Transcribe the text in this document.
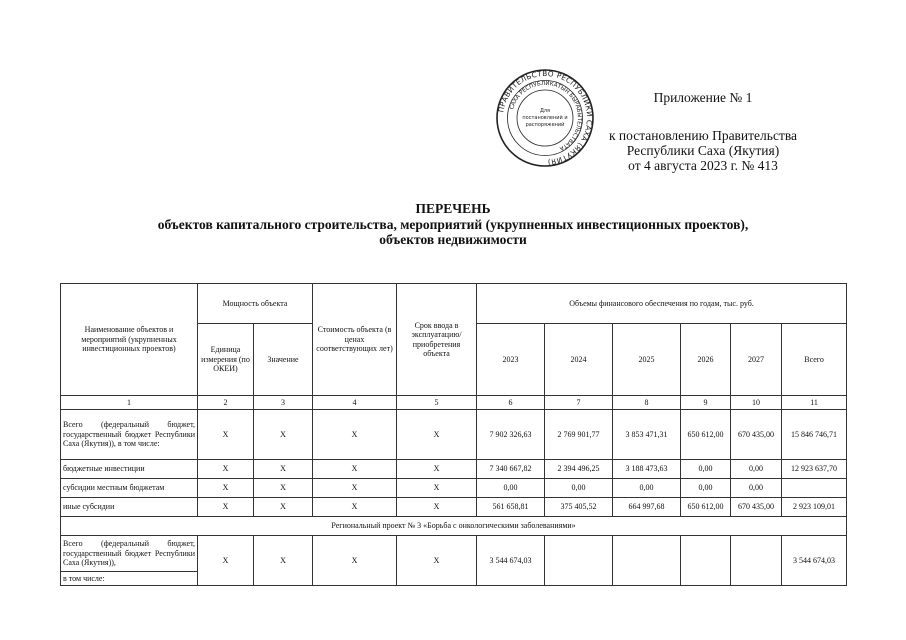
ПРАВИТЕЛЬСТВО РЕСПУБЛИКИ САХА (ЯКУТИЯ)
САХА РЕСПУБЛИКАТЫН БЫРАБЫТЕЛЬСТВАТА
Для
постановлений и
распоряжений
Приложение № 1
к постановлению Правительства
Республики Саха (Якутия)
от 4 августа 2023 г. № 413
ПЕРЕЧЕНЬ
объектов капитального строительства, мероприятий (укрупненных инвестиционных проектов),
объектов недвижимости
Наименование объектов и мероприятий (укрупненных инвестиционных проектов)	Мощность объекта		Стоимость объекта (в ценах соответствующих лет)	Срок ввода в эксплуатацию/ приобретения объекта	Объемы финансового обеспечения по годам, тыс. руб.					
	Единица измерения (по ОКЕИ)	Значение			2023	2024	2025	2026	2027	Всего
1	2	3	4	5	6	7	8	9	10	11
Всего (федеральный бюджет, государственный бюджет Республики Саха (Якутия)), в том числе:	Х	Х	Х	Х	7 902 326,63	2 769 901,77	3 853 471,31	650 612,00	670 435,00	15 846 746,71
бюджетные инвестиции	Х	Х	Х	Х	7 340 667,82	2 394 496,25	3 188 473,63	0,00	0,00	12 923 637,70
субсидии местным бюджетам	Х	Х	Х	Х	0,00	0,00	0,00	0,00	0,00	
иные субсидии	Х	Х	Х	Х	561 658,81	375 405,52	664 997,68	650 612,00	670 435,00	2 923 109,01
Региональный проект № 3 «Борьба с онкологическими заболеваниями»										
Всего (федеральный бюджет, государственный бюджет Республики Саха (Якутия)),	Х	Х	Х	Х	3 544 674,03					3 544 674,03
в том числе:										
